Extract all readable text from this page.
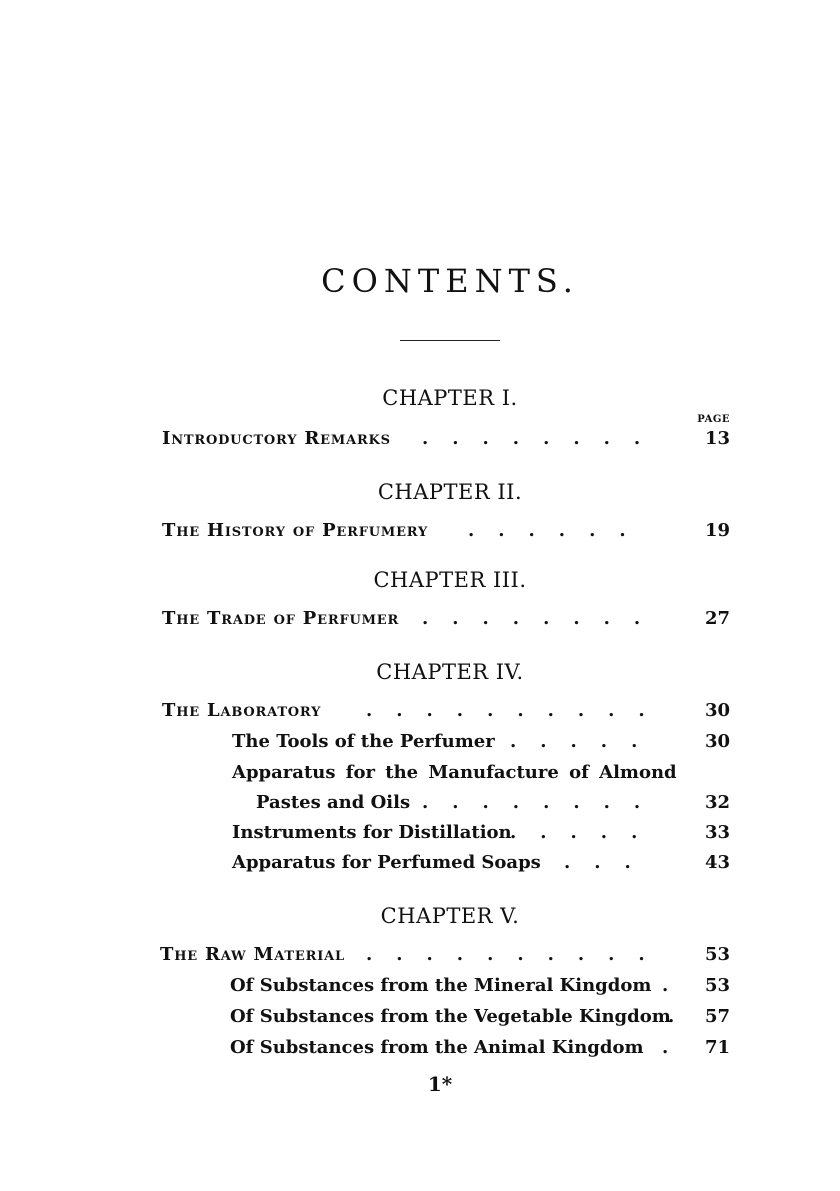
CONTENTS.
CHAPTER I.
PAGE
Introductory Remarks ........ 13
CHAPTER II.
The History of Perfumery ......	19
CHAPTER III.
The Trade of Perfumer ........ 27
CHAPTER IV.
The Laboratory .......... 30
The Tools of the Perfumer ..... 30
Apparatus for the Manufacture of Almond
Pastes and Oils ........ 32
Instruments for Distillation
..... 33
Apparatus for Perfumed Soaps ...	43
CHAPTER V.
The Raw Material .......... 53
Of Substances from the Mineral Kingdom . 53
Of Substances from the Vegetable Kingdom
. 57
Of Substances from the Animal Kingdom . 71
1*
